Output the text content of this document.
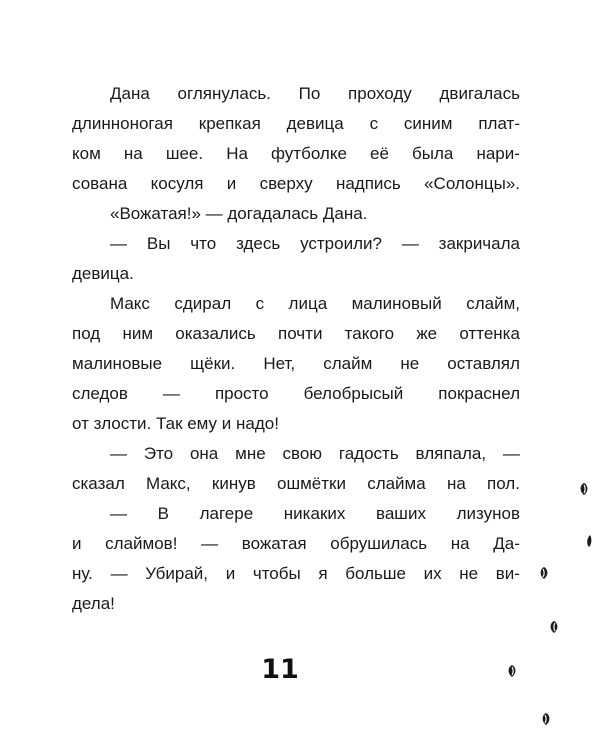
Дана оглянулась. По проходу двигалась
длинноногая крепкая девица с синим плат-
ком на шее. На футболке её была нари-
сована косуля и сверху надпись «Солонцы».
«Вожатая!» — догадалась Дана.
— Вы что здесь устроили? — закричала
девица.
Макс сдирал с лица малиновый слайм,
под ним оказались почти такого же оттенка
малиновые щёки. Нет, слайм не оставлял
следов — просто белобрысый покраснел
от злости. Так ему и надо!
— Это она мне свою гадость вляпала, —
сказал Макс, кинув ошмётки слайма на пол.
— В лагере никаких ваших лизунов
и слаймов! — вожатая обрушилась на Да-
ну. — Убирай, и чтобы я больше их не ви-
дела!
11
